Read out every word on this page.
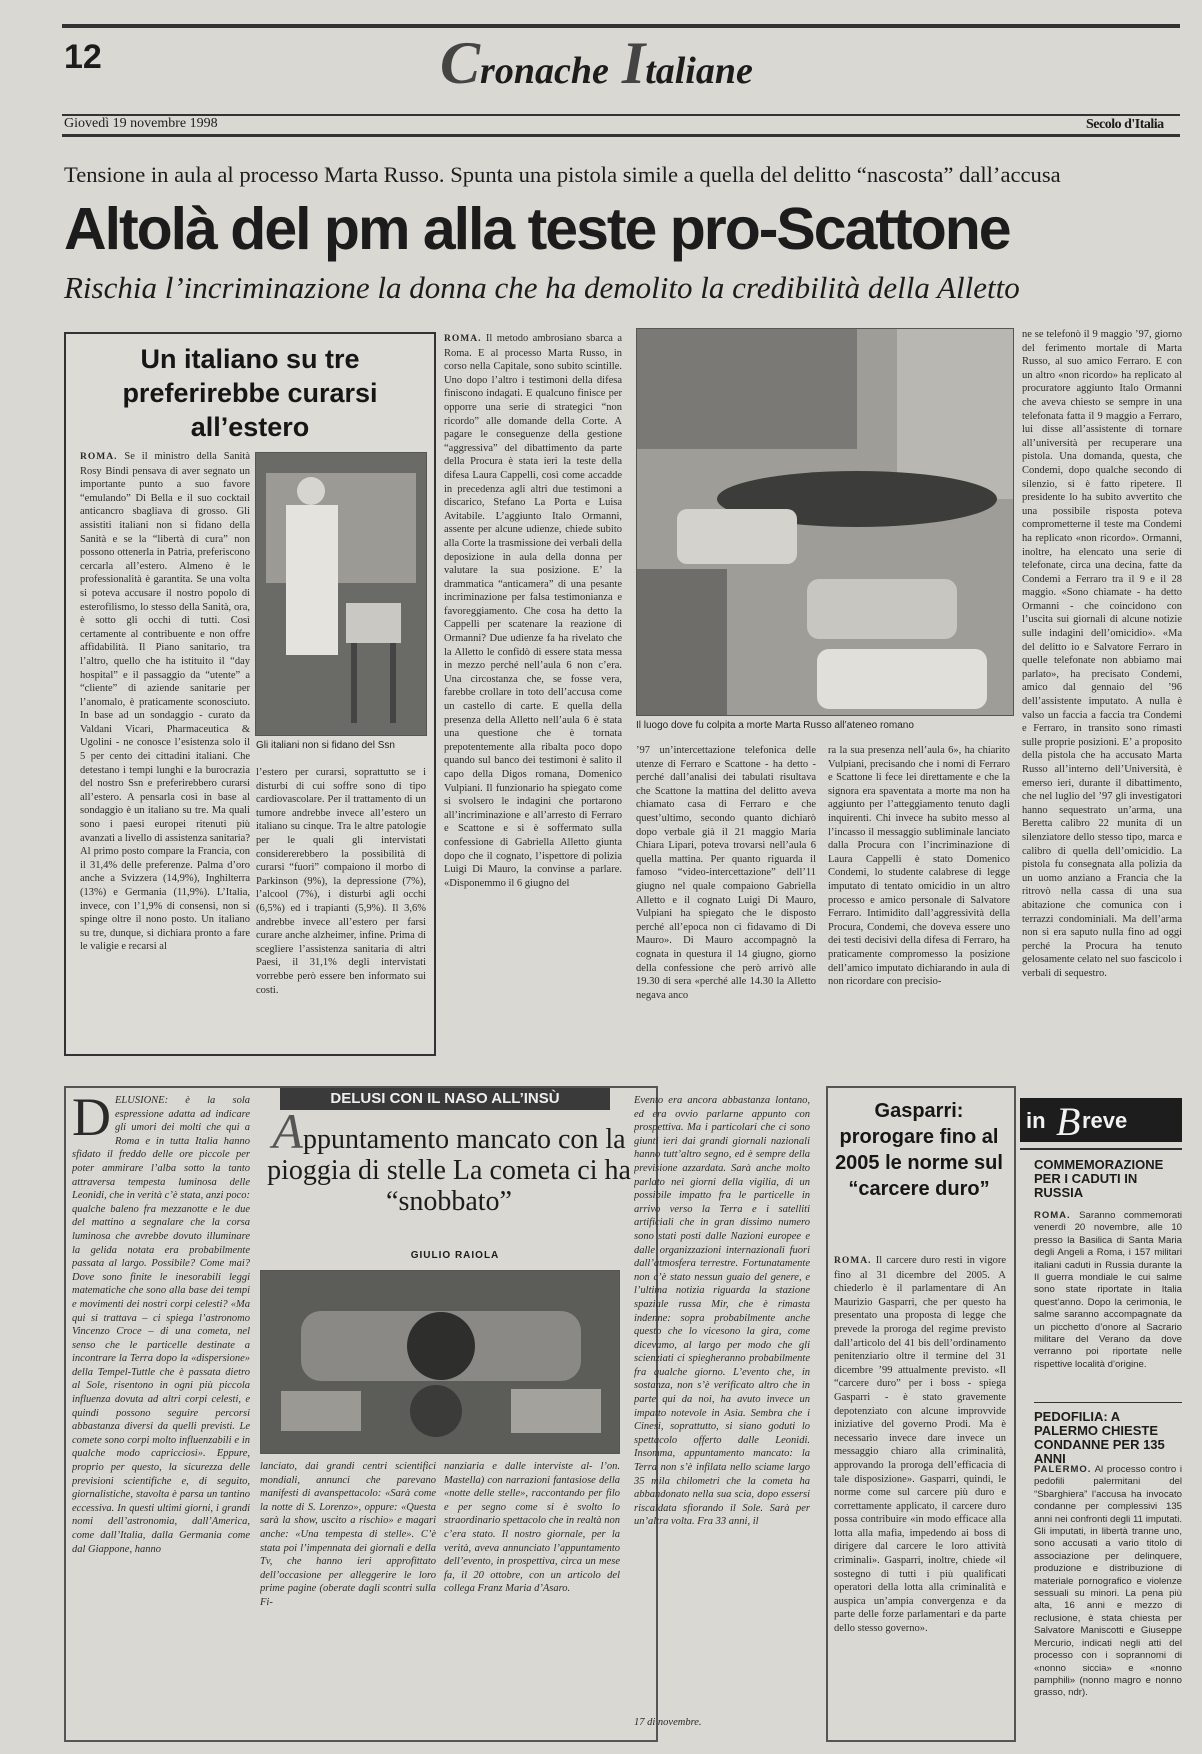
12	Cronache Italiane
Giovedì 19 novembre 1998	Secolo d'Italia
Tensione in aula al processo Marta Russo. Spunta una pistola simile a quella del delitto “nascosta” dall’accusa
Altolà del pm alla teste pro-Scattone
Rischia l’incriminazione la donna che ha demolito la credibilità della Alletto
Un italiano su tre preferirebbe curarsi all’estero
ROMA. Se il ministro della Sanità Rosy Bindi pensava di aver segnato un importante punto a suo favore “emulando” Di Bella e il suo cocktail anticancro sbagliava di grosso. Gli assistiti italiani non si fidano della Sanità e se la “libertà di cura” non possono ottenerla in Patria, preferiscono cercarla all’estero. Almeno è le professionalità è garantita. Se una volta si poteva accusare il nostro popolo di esterofilismo, lo stesso della Sanità, ora, è sotto gli occhi di tutti. Così certamente al contribuente e non offre affidabilità. Il Piano sanitario, tra l’altro, quello che ha istituito il “day hospital” e il passaggio da “utente” a “cliente” di aziende sanitarie per l’anomalo, è praticamente sconosciuto. In base ad un sondaggio - curato da Valdani Vicari, Pharmaceutica & Ugolini - ne conosce l’esistenza solo il 5 per cento dei cittadini italiani. Che detestano i tempi lunghi e la burocrazia del nostro Ssn e preferirebbero curarsi all’estero. A pensarla così in base al sondaggio è un italiano su tre. Ma quali sono i paesi europei ritenuti più avanzati a livello di assistenza sanitaria? Al primo posto compare la Francia, con il 31,4% delle preferenze. Palma d’oro anche a Svizzera (14,9%), Inghilterra (13%) e Germania (11,9%). L’Italia, invece, con l’1,9% di consensi, non si spinge oltre il nono posto. Un italiano su tre, dunque, si dichiara pronto a fare le valigie e recarsi al
Gli italiani non si fidano del Ssn
l’estero per curarsi, soprattutto se i disturbi di cui soffre sono di tipo cardiovascolare. Per il trattamento di un tumore andrebbe invece all’estero un italiano su cinque. Tra le altre patologie per le quali gli intervistati considererebbero la possibilità di curarsi “fuori” compaiono il morbo di Parkinson (9%), la depressione (7%), l’alcool (7%), i disturbi agli occhi (6,5%) ed i trapianti (5,9%). Il 3,6% andrebbe invece all’estero per farsi curare anche alzheimer, infine. Prima di scegliere l’assistenza sanitaria di altri Paesi, il 31,1% degli intervistati vorrebbe però essere ben informato sui costi.
ROMA. Il metodo ambrosiano sbarca a Roma. E al processo Marta Russo, in corso nella Capitale, sono subito scintille. Uno dopo l’altro i testimoni della difesa finiscono indagati. E qualcuno finisce per opporre una serie di strategici “non ricordo” alle domande della Corte. A pagare le conseguenze della gestione “aggressiva” del dibattimento da parte della Procura è stata ieri la teste della difesa Laura Cappelli, così come accadde in precedenza agli altri due testimoni a discarico, Stefano La Porta e Luisa Avitabile. L’aggiunto Italo Ormanni, assente per alcune udienze, chiede subito alla Corte la trasmissione dei verbali della deposizione in aula della donna per valutare la sua posizione. E’ la drammatica “anticamera” di una pesante incriminazione per falsa testimonianza e favoreggiamento. Che cosa ha detto la Cappelli per scatenare la reazione di Ormanni? Due udienze fa ha rivelato che la Alletto le confidò di essere stata messa in mezzo perché nell’aula 6 non c’era. Una circostanza che, se fosse vera, farebbe crollare in toto dell’accusa come un castello di carte. E quella della presenza della Alletto nell’aula 6 è stata una questione che è tornata prepotentemente alla ribalta poco dopo quando sul banco dei testimoni è salito il capo della Digos romana, Domenico Vulpiani. Il funzionario ha spiegato come si svolsero le indagini che portarono all’incriminazione e all’arresto di Ferraro e Scattone e si è soffermato sulla confessione di Gabriella Alletto giunta dopo che il cognato, l’ispettore di polizia Luigi Di Mauro, la convinse a parlare. «Disponemmo il 6 giugno del
Il luogo dove fu colpita a morte Marta Russo all’ateneo romano
’97 un’intercettazione telefonica delle utenze di Ferraro e Scattone - ha detto - perché dall’analisi dei tabulati risultava che Scattone la mattina del delitto aveva chiamato casa di Ferraro e che quest’ultimo, secondo quanto dichiarò dopo verbale già il 21 maggio Maria Chiara Lipari, poteva trovarsi nell’aula 6 quella mattina. Per quanto riguarda il famoso “video-intercettazione” dell’11 giugno nel quale compaiono Gabriella Alletto e il cognato Luigi Di Mauro, Vulpiani ha spiegato che le disposto perché all’epoca non ci fidavamo di Di Mauro». Di Mauro accompagnò la cognata in questura il 14 giugno, giorno della confessione che però arrivò alle 19.30 di sera «perché alle 14.30 la Alletto negava anco
ra la sua presenza nell’aula 6», ha chiarito Vulpiani, precisando che i nomi di Ferraro e Scattone li fece lei direttamente e che la signora era spaventata a morte ma non ha aggiunto per l’atteggiamento tenuto dagli inquirenti. Chi invece ha subito messo al l’incasso il messaggio subliminale lanciato dalla Procura con l’incriminazione di Laura Cappelli è stato Domenico Condemi, lo studente calabrese di legge imputato di tentato omicidio in un altro processo e amico personale di Salvatore Ferraro. Intimidito dall’aggressività della Procura, Condemi, che doveva essere uno dei testi decisivi della difesa di Ferraro, ha praticamente compromesso la posizione dell’amico imputato dichiarando in aula di non ricordare con precisio-
ne se telefonò il 9 maggio ’97, giorno del ferimento mortale di Marta Russo, al suo amico Ferraro. E con un altro «non ricordo» ha replicato al procuratore aggiunto Italo Ormanni che aveva chiesto se sempre in una telefonata fatta il 9 maggio a Ferraro, lui disse all’assistente di tornare all’università per recuperare una pistola. Una domanda, questa, che Condemi, dopo qualche secondo di silenzio, si è fatto ripetere. Il presidente lo ha subito avvertito che una possibile risposta poteva comprometterne il teste ma Condemi ha replicato «non ricordo». Ormanni, inoltre, ha elencato una serie di telefonate, circa una decina, fatte da Condemi a Ferraro tra il 9 e il 28 maggio. «Sono chiamate - ha detto Ormanni - che coincidono con l’uscita sui giornali di alcune notizie sulle indagini dell’omicidio». «Ma del delitto io e Salvatore Ferraro in quelle telefonate non abbiamo mai parlato», ha precisato Condemi, amico dal gennaio del ’96 dell’assistente imputato. A nulla è valso un faccia a faccia tra Condemi e Ferraro, in transito sono rimasti sulle proprie posizioni. E’ a proposito della pistola che ha accusato Marta Russo all’interno dell’Università, è emerso ieri, durante il dibattimento, che nel luglio del ’97 gli investigatori hanno sequestrato un’arma, una Beretta calibro 22 munita di un silenziatore dello stesso tipo, marca e calibro di quella dell’omicidio. La pistola fu consegnata alla polizia da un uomo anziano a Francia che la ritrovò nella cassa di una sua abitazione che comunica con i terrazzi condominiali. Ma dell’arma non si era saputo nulla fino ad oggi perché la Procura ha tenuto gelosamente celato nel suo fascicolo i verbali di sequestro.
DELUSI CON IL NASO ALL’INSÙ
Appuntamento mancato con la pioggia di stelle La cometa ci ha “snobbato”
GIULIO RAIOLA
D ELUSIONE: è la sola espressione adatta ad indicare gli umori dei molti che qui a Roma e in tutta Italia hanno sfidato il freddo delle ore piccole per poter ammirare l’alba sotto la tanto attraversa tempesta luminosa delle Leonidi, che in verità c’è stata, anzi poco: qualche baleno fra mezzanotte e le due del mattino a segnalare che la corsa luminosa che avrebbe dovuto illuminare la gelida notata era probabilmente passata al largo. Possibile? Come mai? Dove sono finite le inesorabili leggi matematiche che sono alla base dei tempi e movimenti dei nostri corpi celesti? «Ma qui si trattava – ci spiega l’astronomo Vincenzo Croce – di una cometa, nel senso che le particelle destinate a incontrare la Terra dopo la «dispersione» della Tempel-Tuttle che è passata dietro al Sole, risentono in ogni più piccola influenza dovuta ad altri corpi celesti, e quindi possono seguire percorsi abbastanza diversi da quelli previsti. Le comete sono corpi molto influenzabili e in qualche modo capricciosi». Eppure, proprio per questo, la sicurezza delle previsioni scientifiche e, di seguito, giornalistiche, stavolta è parsa un tantino eccessiva. In questi ultimi giorni, i grandi nomi dell’astronomia, dall’America, come dall’Italia, dalla Germania come dal Giappone, hanno
lanciato, dai grandi centri scientifici mondiali, annunci che parevano manifesti di avanspettacolo: «Sarà come la notte di S. Lorenzo», oppure: «Questa sarà la show, uscito a rischio» e magari anche: «Una tempesta di stelle». C’è stata poi l’impennata dei giornali e della Tv, che hanno ieri approfittato dell’occasione per alleggerire le loro prime pagine (oberate dagli scontri sulla Fi-
nanziaria e dalle interviste al- l’on. Mastella) con narrazioni fantasiose della «notte delle stelle», raccontando per filo e per segno come si è svolto lo straordinario spettacolo che in realtà non c’era stato. Il nostro giornale, per la verità, aveva annunciato l’appuntamento dell’evento, in prospettiva, circa un mese fa, il 20 ottobre, con un articolo del collega Franz Maria d’Asaro.
Evento era ancora abbastanza lontano, ed era ovvio parlarne appunto con prospettiva. Ma i particolari che ci sono giunti ieri dai grandi giornali nazionali hanno tutt’altro segno, ed è sempre della previsione azzardata. Sarà anche molto parlato nei giorni della vigilia, di un possibile impatto fra le particelle in arrivo verso la Terra e i satelliti artificiali che in gran dissimo numero sono stati posti dalle Nazioni europee e dalle organizzazioni internazionali fuori dall’atmosfera terrestre. Fortunatamente non c’è stato nessun guaio del genere, e l’ultima notizia riguarda la stazione spaziale russa Mir, che è rimasta indenne: sopra probabilmente anche questo che lo vicesono la gira, come dicevamo, al largo per modo che gli scienziati ci spiegheranno probabilmente fra qualche giorno. L’evento che, in sostanza, non s’è verificato altro che in parte qui da noi, ha avuto invece un impatto notevole in Asia. Sembra che i Cinesi, soprattutto, si siano goduti lo spettacolo offerto dalle Leonidi. Insomma, appuntamento mancato: la Terra non s’è infilata nello sciame largo 35 mila chilometri che la cometa ha abbandonato nella sua scia, dopo essersi riscaldata sfiorando il Sole. Sarà per un’altra volta. Fra 33 anni, il
17 di novembre.
Gasparri: prorogare fino al 2005 le norme sul “carcere duro”
ROMA. Il carcere duro resti in vigore fino al 31 dicembre del 2005. A chiederlo è il parlamentare di An Maurizio Gasparri, che per questo ha presentato una proposta di legge che prevede la proroga del regime previsto dall’articolo del 41 bis dell’ordinamento penitenziario oltre il termine del 31 dicembre ’99 attualmente previsto. «Il “carcere duro” per i boss - spiega Gasparri - è stato gravemente depotenziato con alcune improvvide iniziative del governo Prodi. Ma è necessario invece dare invece un messaggio chiaro alla criminalità, approvando la proroga dell’efficacia di tale disposizione». Gasparri, quindi, le norme come sul carcere più duro e correttamente applicato, il carcere duro possa contribuire «in modo efficace alla lotta alla mafia, impedendo ai boss di dirigere dal carcere le loro attività criminali». Gasparri, inoltre, chiede «il sostegno di tutti i più qualificati operatori della lotta alla criminalità e auspica un’ampia convergenza e da parte delle forze parlamentari e da parte dello stesso governo».
in B reve

COMMEMORAZIONE PER I CADUTI IN RUSSIA

ROMA. Saranno commemorati venerdì 20 novembre, alle 10 presso la Basilica di Santa Maria degli Angeli a Roma, i 157 militari italiani caduti in Russia durante la II guerra mondiale le cui salme sono state riportate in Italia quest’anno. Dopo la cerimonia, le salme saranno accompagnate da un picchetto d’onore al Sacrario militare del Verano da dove verranno poi riportate nelle rispettive località d’origine.

PEDOFILIA: A PALERMO CHIESTE CONDANNE PER 135 ANNI

PALERMO. Al processo contro i pedofili palermitani del “Sbarghiera” l’accusa ha invocato condanne per complessivi 135 anni nei confronti degli 11 imputati. Gli imputati, in libertà tranne uno, sono accusati a vario titolo di associazione per delinquere, produzione e distribuzione di materiale pornografico e violenze sessuali su minori. La pena più alta, 16 anni e mezzo di reclusione, è stata chiesta per Salvatore Maniscotti e Giuseppe Mercurio, indicati negli atti del processo con i soprannomi di «nonno siccia» e «nonno pamphili» (nonno magro e nonno grasso, ndr).
